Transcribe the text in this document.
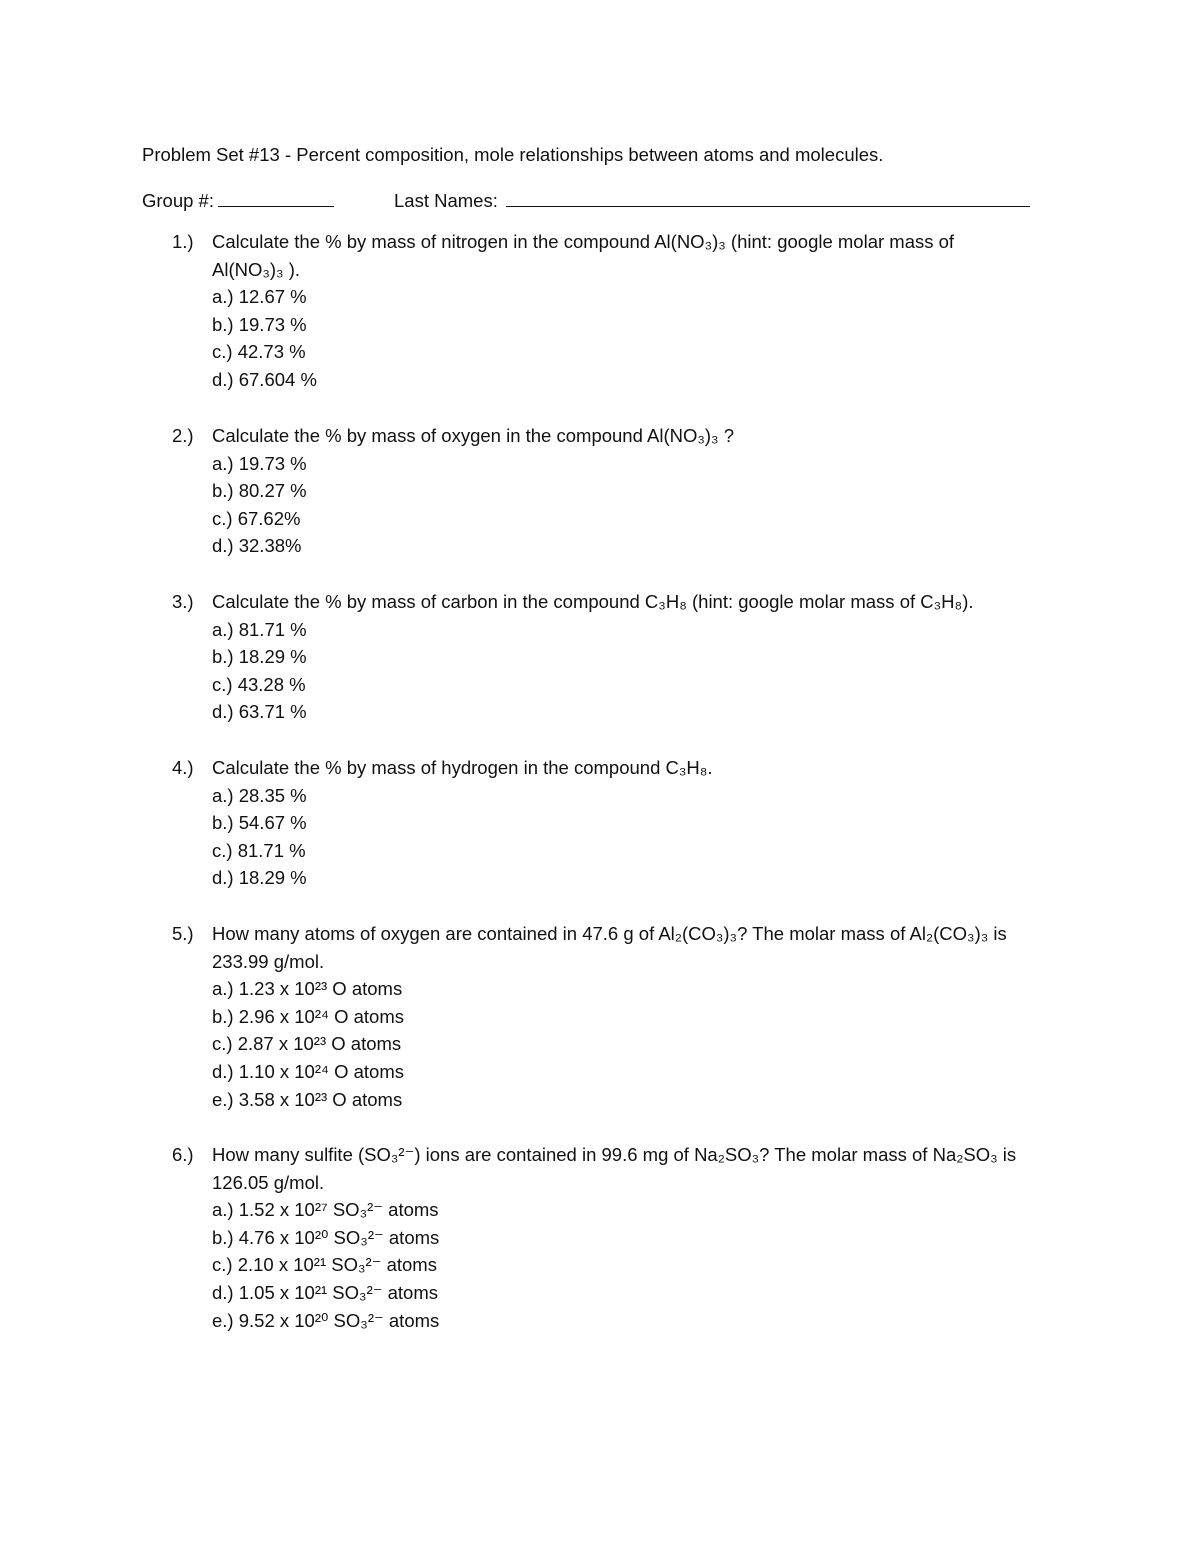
Problem Set #13 - Percent composition, mole relationships between atoms and molecules.
Group #:	Last Names:
1.) Calculate the % by mass of nitrogen in the compound Al(NO₃)₃ (hint: google molar mass of
Al(NO₃)₃ ).
a.) 12.67 %
b.) 19.73 %
c.) 42.73 %
d.) 67.604 %
2.) Calculate the % by mass of oxygen in the compound Al(NO₃)₃ ?
a.) 19.73 %
b.) 80.27 %
c.) 67.62%
d.) 32.38%
3.) Calculate the % by mass of carbon in the compound C₃H₈ (hint: google molar mass of C₃H₈).
a.) 81.71 %
b.) 18.29 %
c.) 43.28 %
d.) 63.71 %
4.) Calculate the % by mass of hydrogen in the compound C₃H₈.
a.) 28.35 %
b.) 54.67 %
c.) 81.71 %
d.) 18.29 %
5.) How many atoms of oxygen are contained in 47.6 g of Al₂(CO₃)₃? The molar mass of Al₂(CO₃)₃ is
233.99 g/mol.
a.) 1.23 x 10²³ O atoms
b.) 2.96 x 10²⁴ O atoms
c.) 2.87 x 10²³ O atoms
d.) 1.10 x 10²⁴ O atoms
e.) 3.58 x 10²³ O atoms
6.) How many sulfite (SO₃²⁻) ions are contained in 99.6 mg of Na₂SO₃? The molar mass of Na₂SO₃ is
126.05 g/mol.
a.) 1.52 x 10²⁷ SO₃²⁻ atoms
b.) 4.76 x 10²⁰ SO₃²⁻ atoms
c.) 2.10 x 10²¹ SO₃²⁻ atoms
d.) 1.05 x 10²¹ SO₃²⁻ atoms
e.) 9.52 x 10²⁰ SO₃²⁻ atoms
